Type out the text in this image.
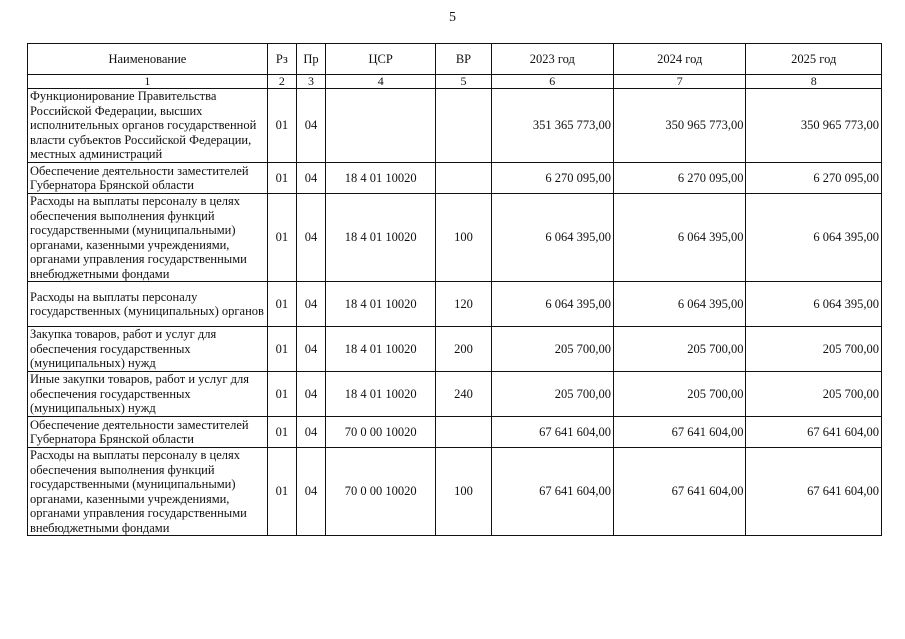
5
Наименование	Рз	Пр	ЦСР	ВР	2023 год	2024 год	2025 год
1	2	3	4	5	6	7	8
Функционирование Правительства Российской Федерации, высших исполнительных органов государственной власти субъектов Российской Федерации, местных администраций	01	04			351 365 773,00	350 965 773,00	350 965 773,00
Обеспечение деятельности заместителей Губернатора Брянской области	01	04	18 4 01 10020		6 270 095,00	6 270 095,00	6 270 095,00
Расходы на выплаты персоналу в целях обеспечения выполнения функций государственными (муниципальными) органами, казенными учреждениями, органами управления государственными внебюджетными фондами	01	04	18 4 01 10020	100	6 064 395,00	6 064 395,00	6 064 395,00
Расходы на выплаты персоналу государственных (муниципальных) органов	01	04	18 4 01 10020	120	6 064 395,00	6 064 395,00	6 064 395,00
Закупка товаров, работ и услуг для обеспечения государственных (муниципальных) нужд	01	04	18 4 01 10020	200	205 700,00	205 700,00	205 700,00
Иные закупки товаров, работ и услуг для обеспечения государственных (муниципальных) нужд	01	04	18 4 01 10020	240	205 700,00	205 700,00	205 700,00
Обеспечение деятельности заместителей Губернатора Брянской области	01	04	70 0 00 10020		67 641 604,00	67 641 604,00	67 641 604,00
Расходы на выплаты персоналу в целях обеспечения выполнения функций государственными (муниципальными) органами, казенными учреждениями, органами управления государственными внебюджетными фондами	01	04	70 0 00 10020	100	67 641 604,00	67 641 604,00	67 641 604,00
